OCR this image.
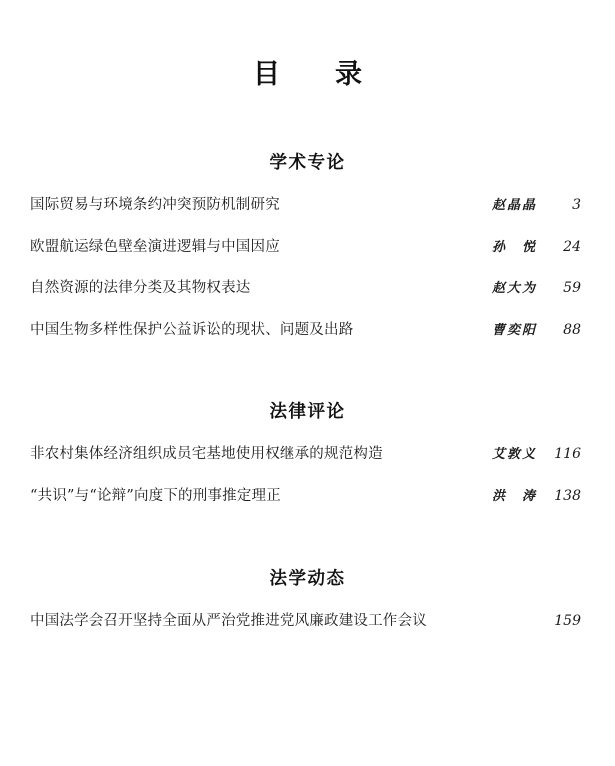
目　录
学术专论
国际贸易与环境条约冲突预防机制研究	赵晶晶	3
欧盟航运绿色壁垒演进逻辑与中国因应	孙　悦	24
自然资源的法律分类及其物权表达	赵大为	59
中国生物多样性保护公益诉讼的现状、问题及出路	曹奕阳	88
法律评论
非农村集体经济组织成员宅基地使用权继承的规范构造	艾敦义	116
“共识”与“论辩”向度下的刑事推定理正	洪　涛	138
法学动态
中国法学会召开坚持全面从严治党推进党风廉政建设工作会议	159
